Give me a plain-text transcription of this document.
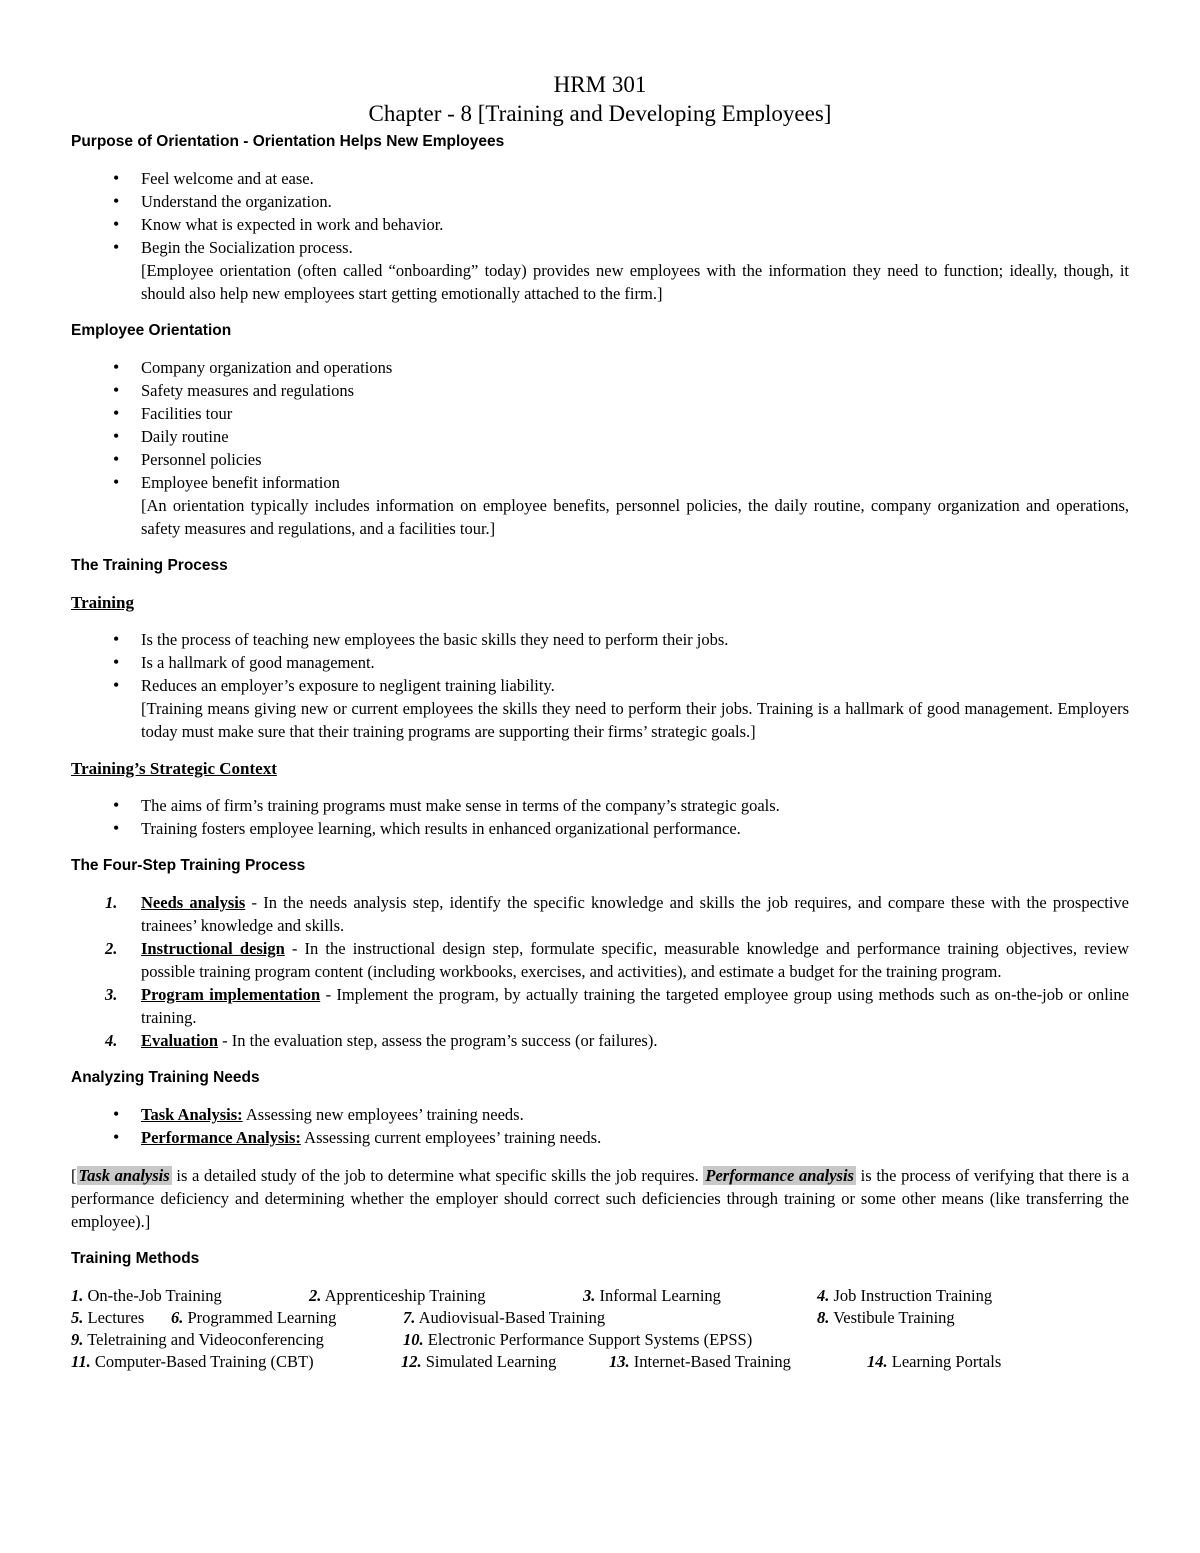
HRM 301
Chapter - 8 [Training and Developing Employees]
Purpose of Orientation - Orientation Helps New Employees
• Feel welcome and at ease.
• Understand the organization.
• Know what is expected in work and behavior.
• Begin the Socialization process.
[Employee orientation (often called “onboarding” today) provides new employees with the information they need to function; ideally, though, it should also help new employees start getting emotionally attached to the firm.]
Employee Orientation
• Company organization and operations
• Safety measures and regulations
• Facilities tour
• Daily routine
• Personnel policies
• Employee benefit information
[An orientation typically includes information on employee benefits, personnel policies, the daily routine, company organization and operations, safety measures and regulations, and a facilities tour.]
The Training Process
Training
• Is the process of teaching new employees the basic skills they need to perform their jobs.
• Is a hallmark of good management.
• Reduces an employer’s exposure to negligent training liability.
[Training means giving new or current employees the skills they need to perform their jobs. Training is a hallmark of good management. Employers today must make sure that their training programs are supporting their firms’ strategic goals.]
Training’s Strategic Context
• The aims of firm’s training programs must make sense in terms of the company’s strategic goals.
• Training fosters employee learning, which results in enhanced organizational performance.
The Four-Step Training Process
1. Needs analysis - In the needs analysis step, identify the specific knowledge and skills the job requires, and compare these with the prospective trainees’ knowledge and skills.
2. Instructional design - In the instructional design step, formulate specific, measurable knowledge and performance training objectives, review possible training program content (including workbooks, exercises, and activities), and estimate a budget for the training program.
3. Program implementation - Implement the program, by actually training the targeted employee group using methods such as on-the-job or online training.
4. Evaluation - In the evaluation step, assess the program’s success (or failures).
Analyzing Training Needs
• Task Analysis: Assessing new employees’ training needs.
• Performance Analysis: Assessing current employees’ training needs.

[ Task analysis is a detailed study of the job to determine what specific skills the job requires. Performance analysis is the process of verifying that there is a performance deficiency and determining whether the employer should correct such deficiencies through training or some other means (like transferring the employee).]

Training Methods
1. On-the-Job Training	2. Apprenticeship Training	3. Informal Learning	4. Job Instruction Training
5. Lectures	6. Programmed Learning	7. Audiovisual-Based Training	8. Vestibule Training
9. Teletraining and Videoconferencing	10. Electronic Performance Support Systems (EPSS)
11. Computer-Based Training (CBT)	12. Simulated Learning	13. Internet-Based Training	14. Learning Portals
